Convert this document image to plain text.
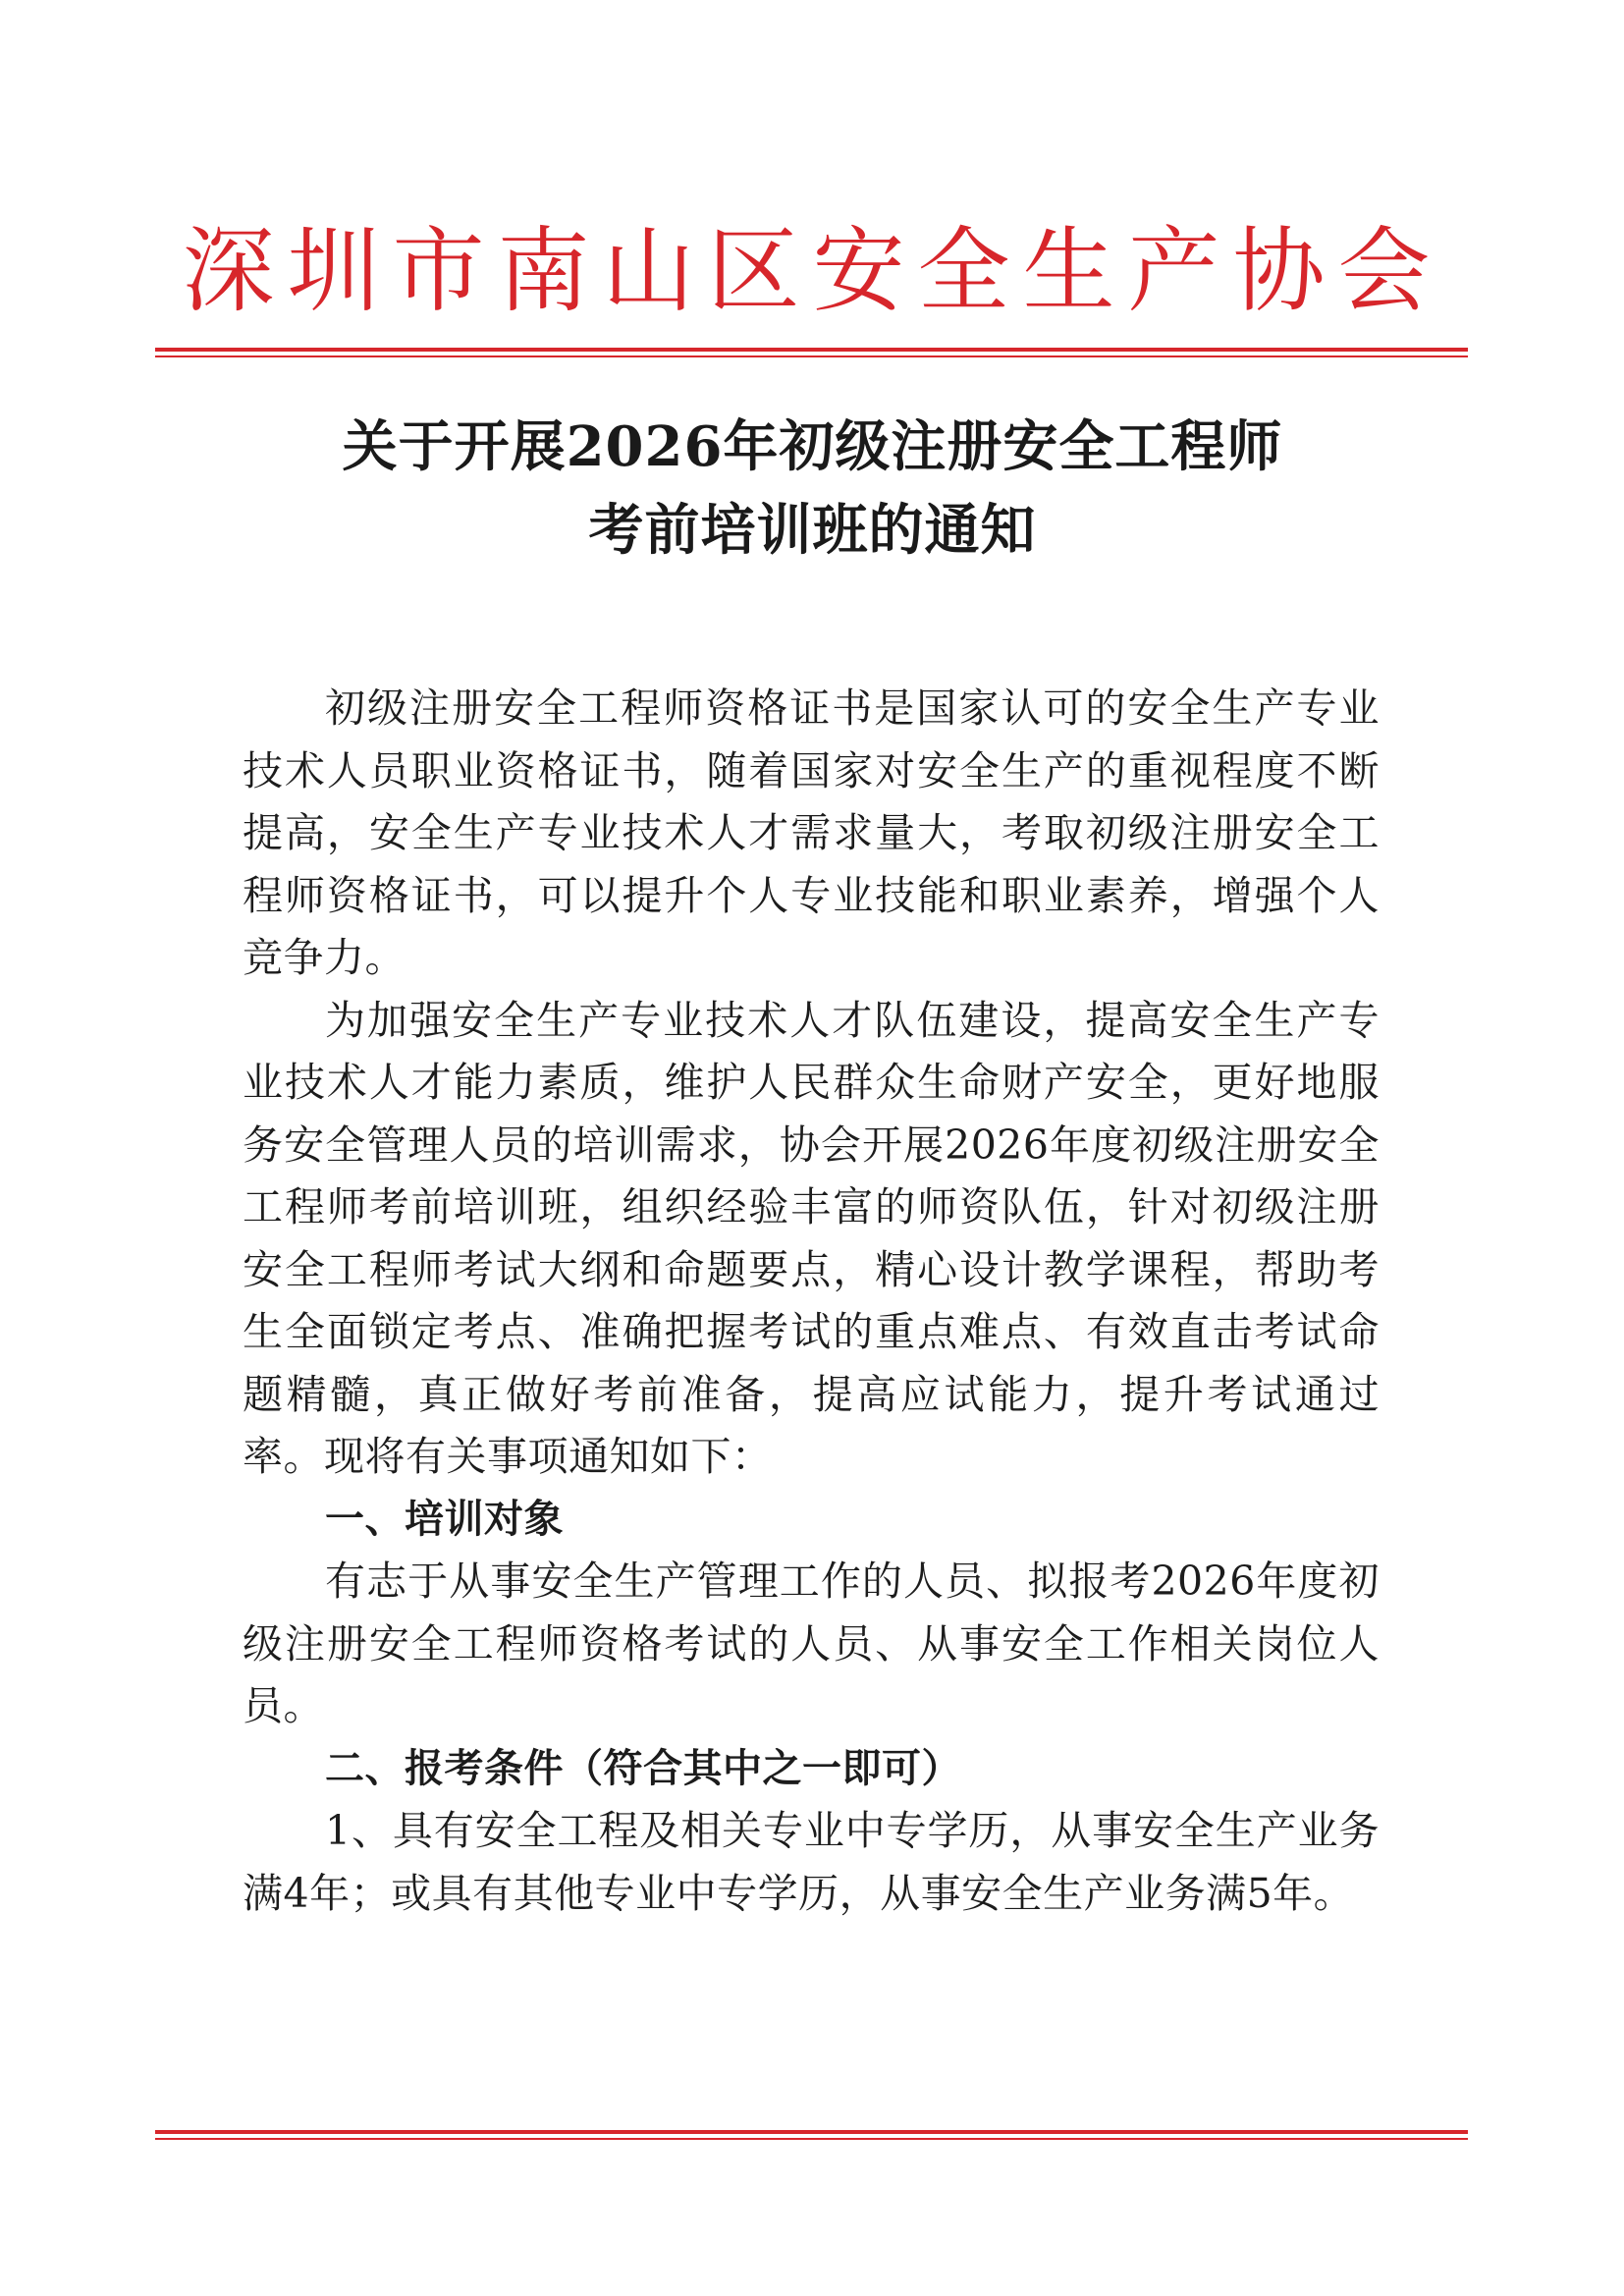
深圳市南山区安全生产协会
关于开展2026年初级注册安全工程师
考前培训班的通知

初级注册安全工程师资格证书是国家认可的安全生产专业技术人员职业资格证书，随着国家对安全生产的重视程度不断提高，安全生产专业技术人才需求量大，考取初级注册安全工程师资格证书，可以提升个人专业技能和职业素养，增强个人竞争力。

为加强安全生产专业技术人才队伍建设，提高安全生产专业技术人才能力素质，维护人民群众生命财产安全，更好地服务安全管理人员的培训需求，协会开展2026年度初级注册安全工程师考前培训班，组织经验丰富的师资队伍，针对初级注册安全工程师考试大纲和命题要点，精心设计教学课程，帮助考生全面锁定考点、准确把握考试的重点难点、有效直击考试命题精髓，真正做好考前准备，提高应试能力，提升考试通过率。现将有关事项通知如下：

一、培训对象

有志于从事安全生产管理工作的人员、拟报考2026年度初级注册安全工程师资格考试的人员、从事安全工作相关岗位人员。

二、报考条件（符合其中之一即可）

1、具有安全工程及相关专业中专学历，从事安全生产业务满4年；或具有其他专业中专学历，从事安全生产业务满5年。
